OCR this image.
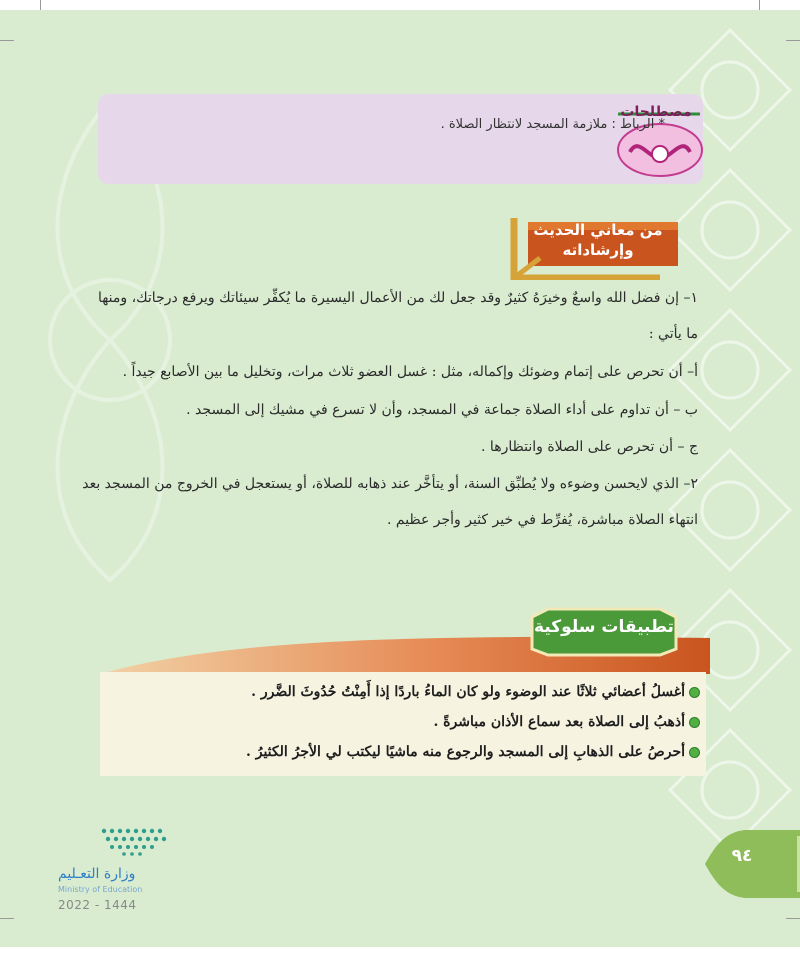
مصطلحات
* الرباط : ملازمة المسجد لانتظار الصلاة .
من معاني الحديث
وإرشاداته
١– إن فضل الله واسعٌ وخيرَهُ كثيرٌ وقد جعل لك من الأعمال اليسيرة ما يُكفِّر سيئاتك ويرفع درجاتك، ومنها
ما يأتي :
أ– أن تحرص على إتمام وضوئك وإكماله، مثل : غسل العضو ثلاث مرات، وتخليل ما بين الأصابع جيداً .
ب – أن تداوم على أداء الصلاة جماعة في المسجد، وأن لا تسرع في مشيك إلى المسجد .
ج – أن تحرص على الصلاة وانتظارها .
٢– الذي لايحسن وضوءه ولا يُطبِّق السنة، أو يتأخَّر عند ذهابه للصلاة، أو يستعجل في الخروج من المسجد بعد
انتهاء الصلاة مباشرة، يُفرِّط في خير كثير وأجر عظيم .
تطبيقات سلوكية
أغسلُ أعضائي ثلاثًا عند الوضوء ولو كان الماءُ باردًا إذا أَمِنْتُ حُدُوثَ الضَّرر .
أذهبُ إلى الصلاة بعد سماع الأذان مباشرةً .
أحرصُ على الذهابِ إلى المسجد والرجوع منه ماشيًا ليكتب لي الأجرُ الكثيرُ .
٩٤
وزارة التعـليم
Ministry of Education
2022 - 1444
